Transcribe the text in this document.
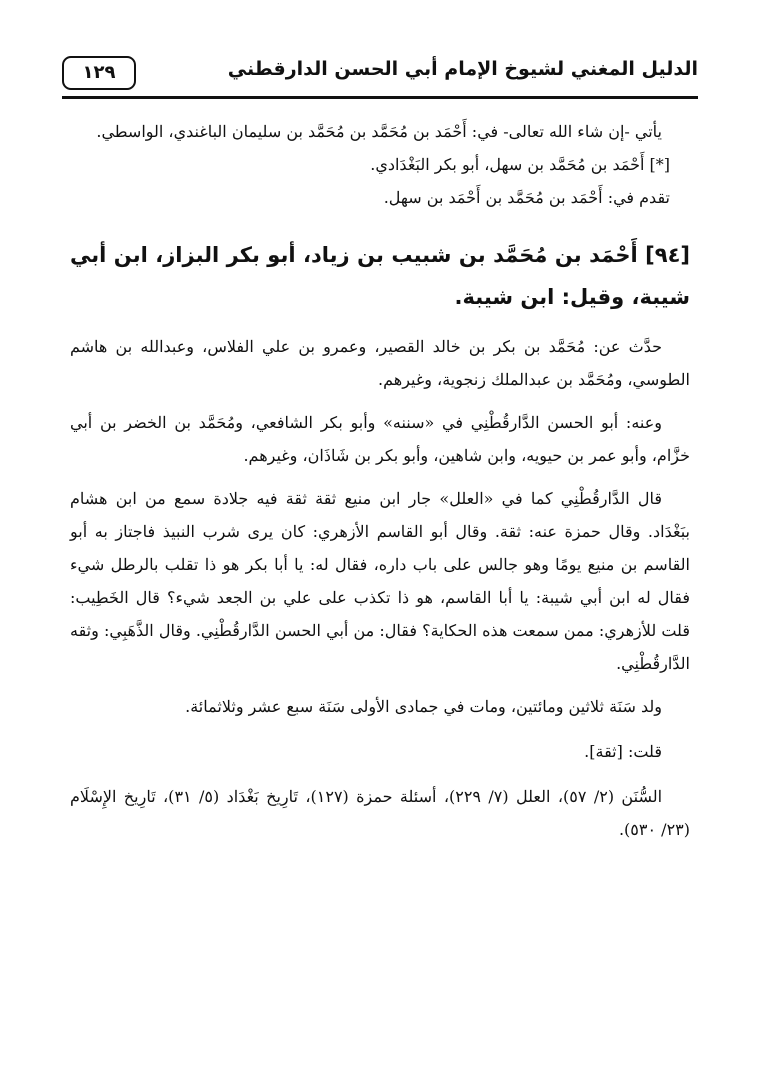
الدليل المغني لشيوخ الإمام أبي الحسن الدارقطني
١٢٩

يأتي -إن شاء الله تعالى- في: أَحْمَد بن مُحَمَّد بن مُحَمَّد بن سليمان الباغندي، الواسطي.

[*] أَحْمَد بن مُحَمَّد بن سهل، أبو بكر البَغْدَادي.

تقدم في: أَحْمَد بن مُحَمَّد بن أَحْمَد بن سهل.

[٩٤] أَحْمَد بن مُحَمَّد بن شبيب بن زياد، أبو بكر البزاز، ابن أبي شيبة، وقيل: ابن شيبة.

حدَّث عن: مُحَمَّد بن بكر بن خالد القصير، وعمرو بن علي الفلاس، وعبدالله بن هاشم الطوسي، ومُحَمَّد بن عبدالملك زنجوية، وغيرهم.

وعنه: أبو الحسن الدَّارقُطْنِي في «سننه» وأبو بكر الشافعي، ومُحَمَّد بن الخضر بن أبي خزَّام، وأبو عمر بن حيويه، وابن شاهين، وأبو بكر بن شَاذَان، وغيرهم.

قال الدَّارقُطْنِي كما في «العلل» جار ابن منيع ثقة ثقة فيه جلادة سمع من ابن هشام ببَغْدَاد. وقال حمزة عنه: ثقة. وقال أبو القاسم الأزهري: كان يرى شرب النبيذ فاجتاز به أبو القاسم بن منيع يومًا وهو جالس على باب داره، فقال له: يا أبا بكر هو ذا تقلب بالرطل شيء فقال له ابن أبي شيبة: يا أبا القاسم، هو ذا تكذب على علي بن الجعد شيء؟ قال الخَطِيب: قلت للأزهري: ممن سمعت هذه الحكاية؟ فقال: من أبي الحسن الدَّارقُطْنِي. وقال الذَّهَبِي: وثقه الدَّارقُطْنِي.

ولد سَنَة ثلاثين ومائتين، ومات في جمادى الأولى سَنَة سبع عشر وثلاثمائة.

قلت: [ثقة].

السُّنَن (٢/ ٥٧)، العلل (٧/ ٢٢٩)، أسئلة حمزة (١٢٧)، تَارِيخ بَغْدَاد (٥/ ٣١)، تَارِيخ الإِسْلَام (٢٣/ ٥٣٠).
